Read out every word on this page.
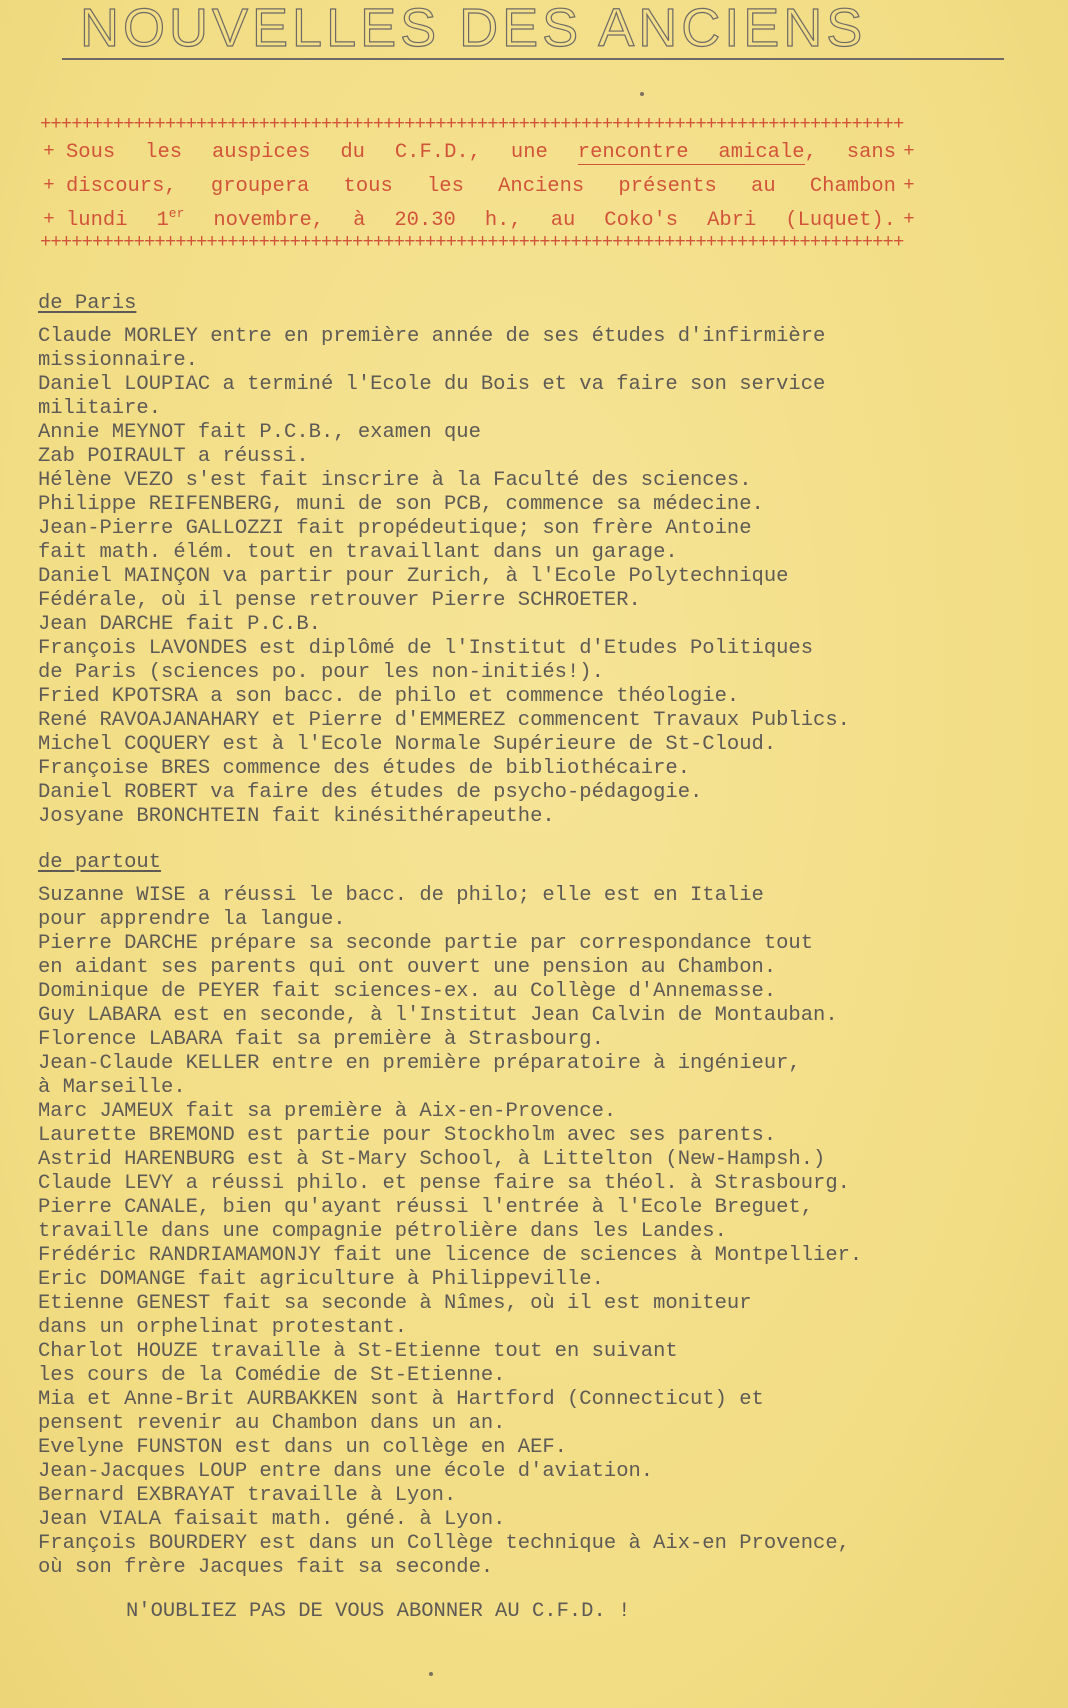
NOUVELLES DES ANCIENS
+++++++++++++++++++++++++++++++++++++++++++++++++++++++++++++++++++++++++++++++++++
+
+
+
+
+
+
Sous les auspices du C.F.D., une rencontre amicale, sans
discours, groupera tous les Anciens présents au Chambon
lundi 1er novembre, à 20.30 h., au Coko's Abri (Luquet).
+++++++++++++++++++++++++++++++++++++++++++++++++++++++++++++++++++++++++++++++++++
de Paris
Claude MORLEY entre en première année de ses études d'infirmière
missionnaire.
Daniel LOUPIAC a terminé l'Ecole du Bois et va faire son service
militaire.
Annie MEYNOT fait P.C.B., examen que
Zab POIRAULT a réussi.
Hélène VEZO s'est fait inscrire à la Faculté des sciences.
Philippe REIFENBERG, muni de son PCB, commence sa médecine.
Jean-Pierre GALLOZZI fait propédeutique; son frère Antoine
fait math. élém. tout en travaillant dans un garage.
Daniel MAINÇON va partir pour Zurich, à l'Ecole Polytechnique
Fédérale, où il pense retrouver Pierre SCHROETER.
Jean DARCHE fait P.C.B.
François LAVONDES est diplômé de l'Institut d'Etudes Politiques
de Paris (sciences po. pour les non-initiés!).
Fried KPOTSRA a son bacc. de philo et commence théologie.
René RAVOAJANAHARY et Pierre d'EMMEREZ commencent Travaux Publics.
Michel COQUERY est à l'Ecole Normale Supérieure de St-Cloud.
Françoise BRES commence des études de bibliothécaire.
Daniel ROBERT va faire des études de psycho-pédagogie.
Josyane BRONCHTEIN fait kinésithérapeuthe.
de partout
Suzanne WISE a réussi le bacc. de philo; elle est en Italie
pour apprendre la langue.
Pierre DARCHE prépare sa seconde partie par correspondance tout
en aidant ses parents qui ont ouvert une pension au Chambon.
Dominique de PEYER fait sciences-ex. au Collège d'Annemasse.
Guy LABARA est en seconde, à l'Institut Jean Calvin de Montauban.
Florence LABARA fait sa première à Strasbourg.
Jean-Claude KELLER entre en première préparatoire à ingénieur,
à Marseille.
Marc JAMEUX fait sa première à Aix-en-Provence.
Laurette BREMOND est partie pour Stockholm avec ses parents.
Astrid HARENBURG est à St-Mary School, à Littelton (New-Hampsh.)
Claude LEVY a réussi philo. et pense faire sa théol. à Strasbourg.
Pierre CANALE, bien qu'ayant réussi l'entrée à l'Ecole Breguet,
travaille dans une compagnie pétrolière dans les Landes.
Frédéric RANDRIAMAMONJY fait une licence de sciences à Montpellier.
Eric DOMANGE fait agriculture à Philippeville.
Etienne GENEST fait sa seconde à Nîmes, où il est moniteur
dans un orphelinat protestant.
Charlot HOUZE travaille à St-Etienne tout en suivant
les cours de la Comédie de St-Etienne.
Mia et Anne-Brit AURBAKKEN sont à Hartford (Connecticut) et
pensent revenir au Chambon dans un an.
Evelyne FUNSTON est dans un collège en AEF.
Jean-Jacques LOUP entre dans une école d'aviation.
Bernard EXBRAYAT travaille à Lyon.
Jean VIALA faisait math. géné. à Lyon.
François BOURDERY est dans un Collège technique à Aix-en Provence,
où son frère Jacques fait sa seconde.
N'OUBLIEZ PAS DE VOUS ABONNER AU C.F.D. !
